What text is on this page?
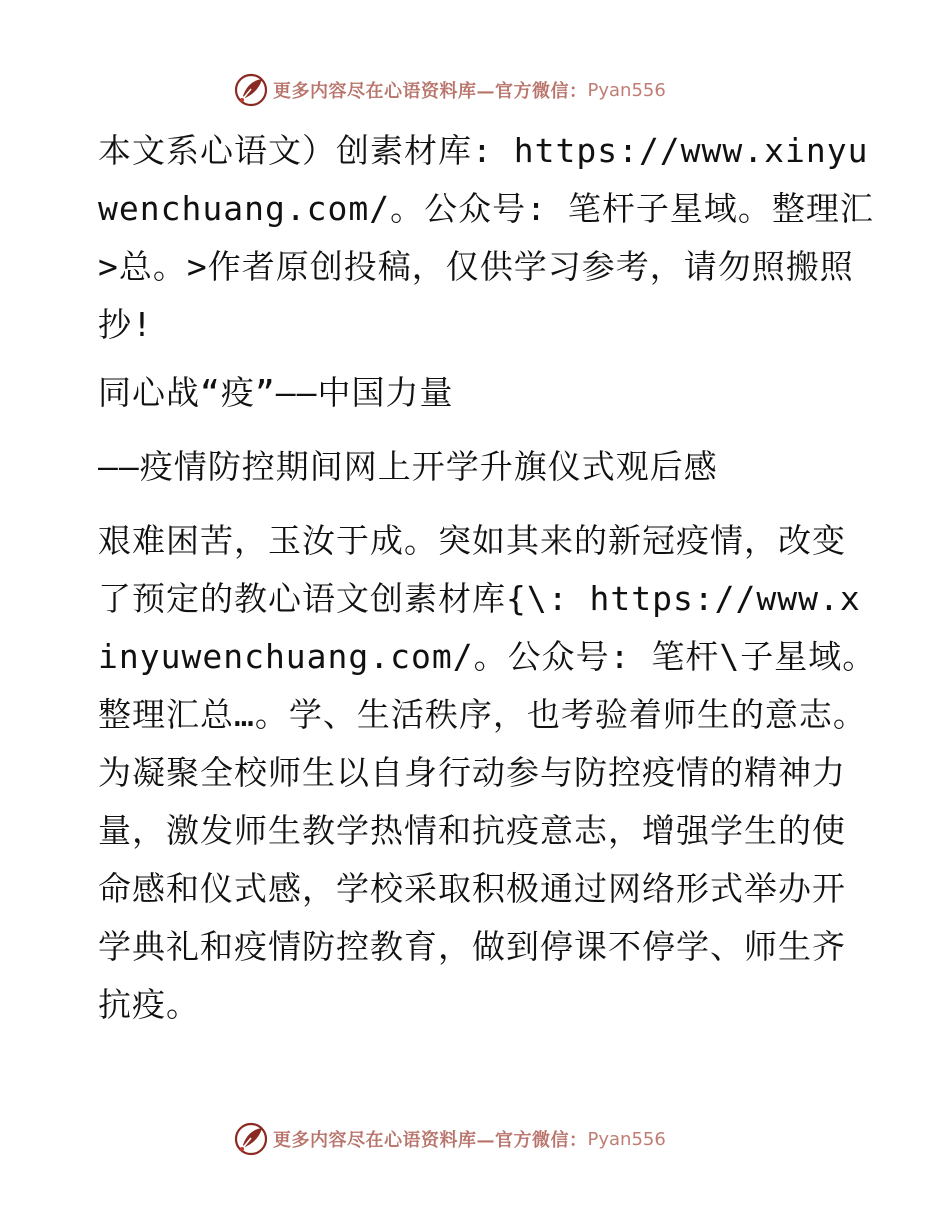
更多内容尽在心语资料库—官方微信： Pyan556

本文系心语文）创素材库: https://www.xinyuwenchuang.com/。公众号: 笔杆子星域。整理汇>总。>作者原创投稿，仅供学习参考，请勿照搬照抄!

同心战“疫”——中国力量

——疫情防控期间网上开学升旗仪式观后感

艰难困苦，玉汝于成。突如其来的新冠疫情，改变了预定的教心语文创素材库{\: https://www.xinyuwenchuang.com/。公众号: 笔杆\子星域。整理汇总…。学、生活秩序，也考验着师生的意志。为凝聚全校师生以自身行动参与防控疫情的精神力量，激发师生教学热情和抗疫意志，增强学生的使命感和仪式感，学校采取积极通过网络形式举办开学典礼和疫情防控教育，做到停课不停学、师生齐抗疫。

更多内容尽在心语资料库—官方微信： Pyan556
